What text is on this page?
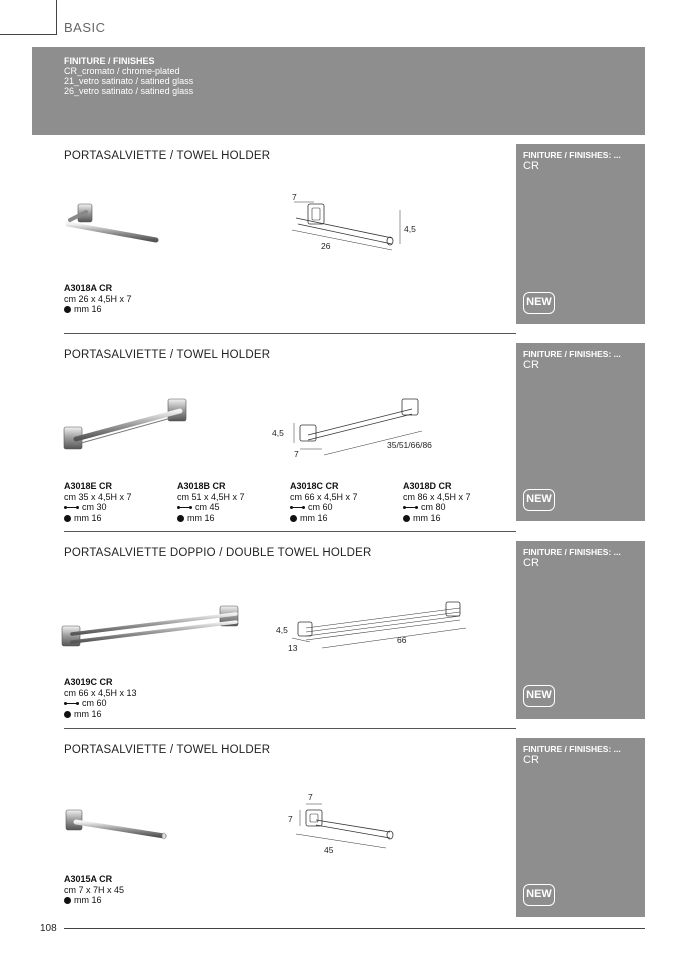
BASIC
FINITURE / FINISHES
CR_cromato / chrome-plated
21_vetro satinato / satined glass
26_vetro satinato / satined glass
PORTASALVIETTE / TOWEL HOLDER	FINITURE / FINISHES: ...
CR
NEW
7
4,5
26
A3018A CR
cm 26 x 4,5H x 7
mm 16
PORTASALVIETTE / TOWEL HOLDER	FINITURE / FINISHES: ...
CR
NEW
4,5
7
35/51/66/86
A3018E CR
cm 35 x 4,5H x 7
cm 30
mm 16
A3018B CR
cm 51 x 4,5H x 7
cm 45
mm 16
A3018C CR
cm 66 x 4,5H x 7
cm 60
mm 16
A3018D CR
cm 86 x 4,5H x 7
cm 80
mm 16
PORTASALVIETTE DOPPIO / DOUBLE TOWEL HOLDER	FINITURE / FINISHES: ...
CR
NEW
4,5
13
66
A3019C CR
cm 66 x 4,5H x 13
cm 60
mm 16
PORTASALVIETTE / TOWEL HOLDER	FINITURE / FINISHES: ...
CR
NEW
7
7
45
A3015A CR
cm 7 x 7H x 45
mm 16
108
